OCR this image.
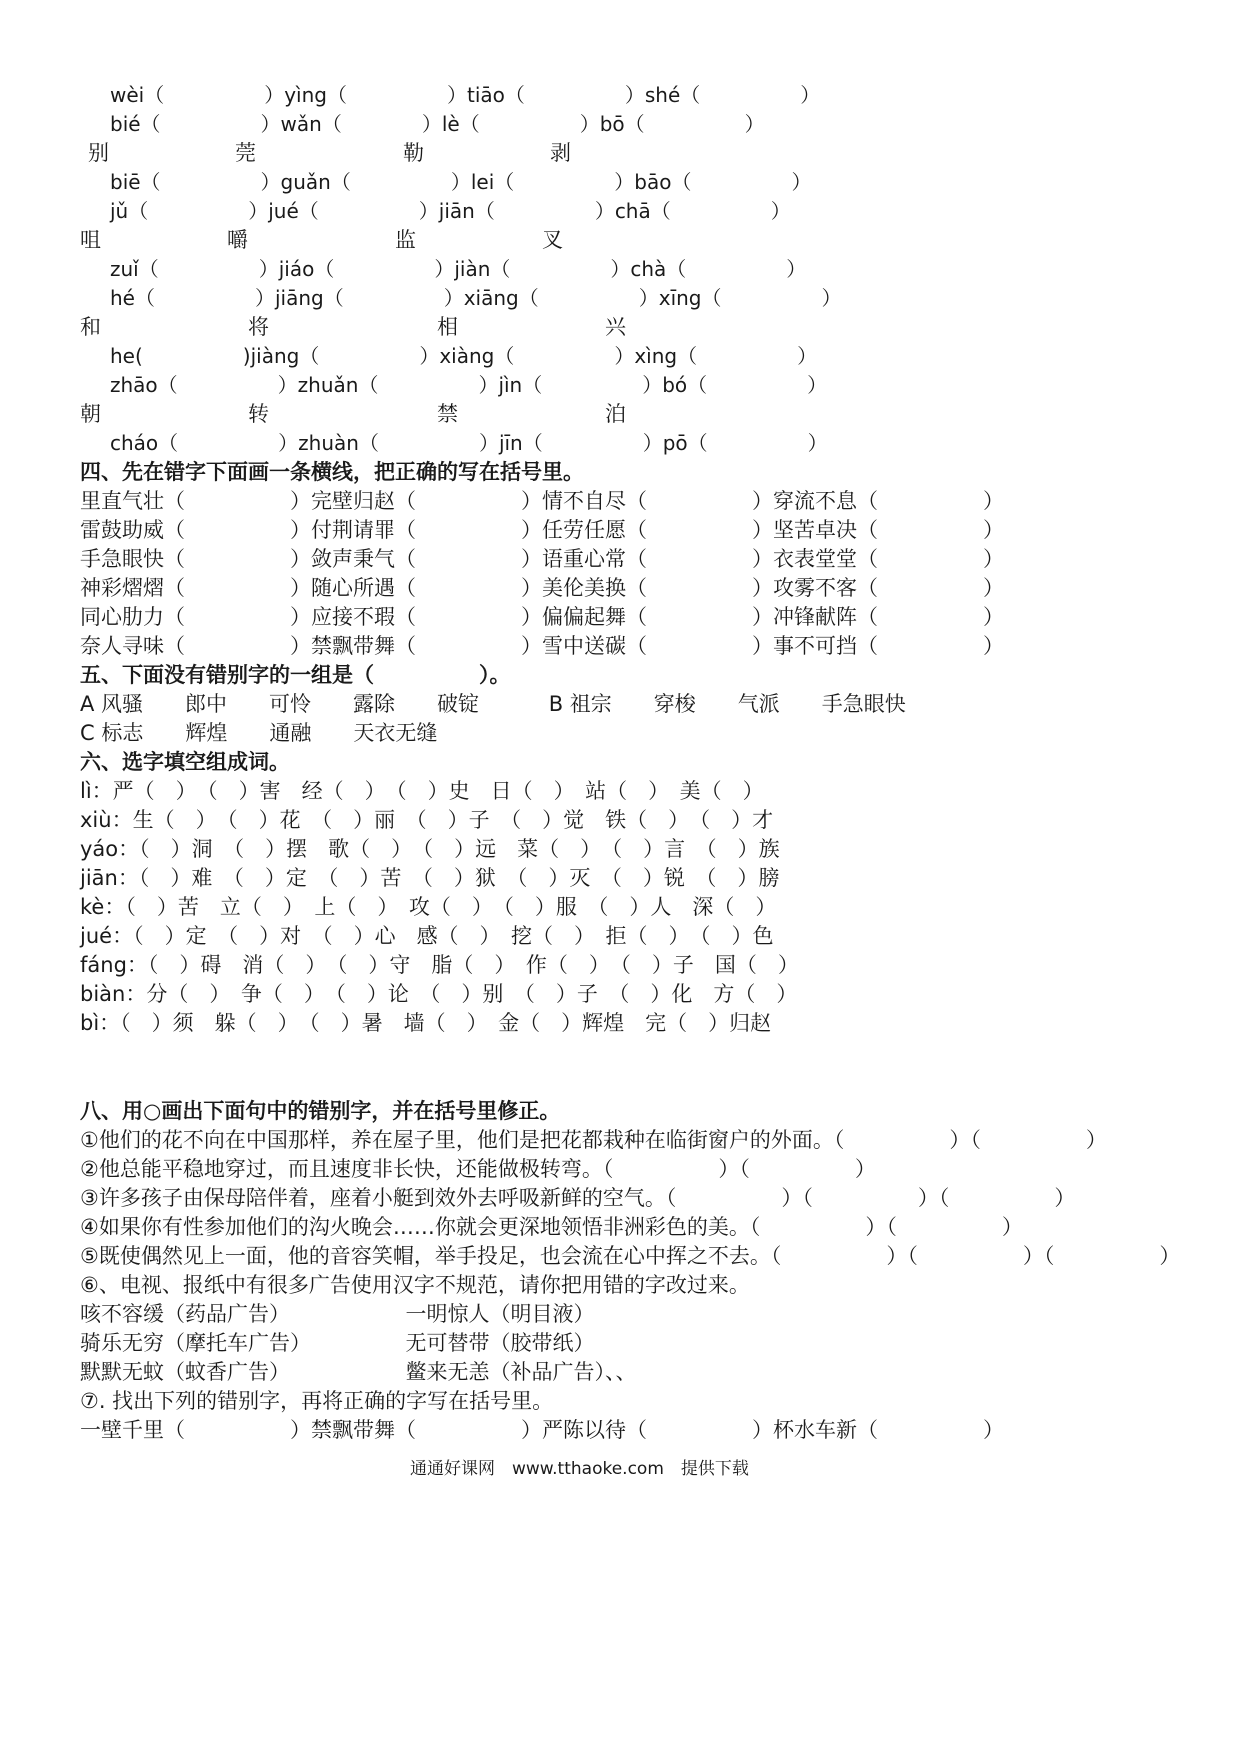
wèi（　　　　　）yìng（　　　　　）tiāo（　　　　　）shé（　　　　　）
bié（　　　　　）wǎn（　　　　）lè（　　　　　）bō（　　　　　）
别　　　　　　莞　　　　　　　勒　　　　　　剥
biē（　　　　　）guǎn（　　　　　）lei（　　　　　）bāo（　　　　　）
jǔ（　　　　　）jué（　　　　　）jiān（　　　　　）chā（　　　　　）
咀　　　　　　嚼　　　　　　　监　　　　　　叉
zuǐ（　　　　　）jiáo（　　　　　）jiàn（　　　　　）chà（　　　　　）
hé（　　　　　）jiāng（　　　　　）xiāng（　　　　　）xīng（　　　　　）
和　　　　　　　将　　　　　　　　相　　　　　　　兴
he(　　　　　)jiàng（　　　　　）xiàng（　　　　　）xìng（　　　　　）
zhāo（　　　　　）zhuǎn（　　　　　）jìn（　　　　　）bó（　　　　　）
朝　　　　　　　转　　　　　　　　禁　　　　　　　泊
cháo（　　　　　）zhuàn（　　　　　）jīn（　　　　　）pō（　　　　　）
四、先在错字下面画一条横线，把正确的写在括号里。
里直气壮（　　　　　）完壁归赵（　　　　　）情不自尽（　　　　　）穿流不息（　　　　　）
雷鼓助威（　　　　　）付荆请罪（　　　　　）任劳任愿（　　　　　）坚苦卓决（　　　　　）
手急眼快（　　　　　）敛声秉气（　　　　　）语重心常（　　　　　）衣表堂堂（　　　　　）
神彩熠熠（　　　　　）随心所遇（　　　　　）美伦美换（　　　　　）攻雾不客（　　　　　）
同心肋力（　　　　　）应接不瑕（　　　　　）偏偏起舞（　　　　　）冲锋献阵（　　　　　）
奈人寻味（　　　　　）禁飘带舞（　　　　　）雪中送碳（　　　　　）事不可挡（　　　　　）
五、下面没有错别字的一组是（　　　　　）。
A 风骚　　郎中　　可怜　　露除　　破锭　　　 B 祖宗　　穿梭　　气派　　手急眼快
C 标志　　辉煌　　通融　　天衣无缝
六、选字填空组成词。
lì：严（　）　（　）害　经（　）　（　）史　日（　）　站（　）　美（　）
xiù：生（　）　（　）花　（　）丽　（　）子　（　）觉　铁（　）　（　）才
yáo：（　）洞　（　）摆　歌（　）　（　）远　菜（　）　（　）言　（　）族
jiān：（　）难　（　）定　（　）苦　（　）狱　（　）灭　（　）锐　（　）膀
kè：（　）苦　立（　）　上（　）　攻（　）　（　）服　（　）人　深（　）
jué：（　）定　（　）对　（　）心　感（　）　挖（　）　拒（　）　（　）色
fáng：（　）碍　消（　）　（　）守　脂（　）　作（　）　（　）子　国（　）
biàn：分（　）　争（　）　（　）论　（　）别　（　）子　（　）化　方（　）
bì：（　）须　躲（　）　（　）暑　墙（　）　金（　）辉煌　完（　）归赵
八、用○画出下面句中的错别字，并在括号里修正。
①他们的花不向在中国那样，养在屋子里，他们是把花都栽种在临街窗户的外面。（　　　　　）（　　　　　）
②他总能平稳地穿过，而且速度非长快，还能做极转弯。（　　　　　）（　　　　　）
③许多孩子由保母陪伴着，座着小艇到效外去呼吸新鲜的空气。（　　　　　）（　　　　　）（　　　　　）
④如果你有性参加他们的沟火晚会……你就会更深地领悟非洲彩色的美。（　　　　　）（　　　　　）
⑤既使偶然见上一面，他的音容笑帽，举手投足，也会流在心中挥之不去。（　　　　　）（　　　　　）（　　　　　）
⑥、电视、报纸中有很多广告使用汉字不规范，请你把用错的字改过来。
咳不容缓（药品广告）　　　　　　一明惊人（明目液）
骑乐无穷（摩托车广告）　　　　　无可替带（胶带纸）
默默无蚊（蚊香广告）　　　　　　鳖来无恙（补品广告）、、
⑦. 找出下列的错别字，再将正确的字写在括号里。
一壁千里（　　　　　）禁飘带舞（　　　　　）严陈以待（　　　　　）杯水车新（　　　　　）
通通好课网　www.tthaoke.com　提供下载
